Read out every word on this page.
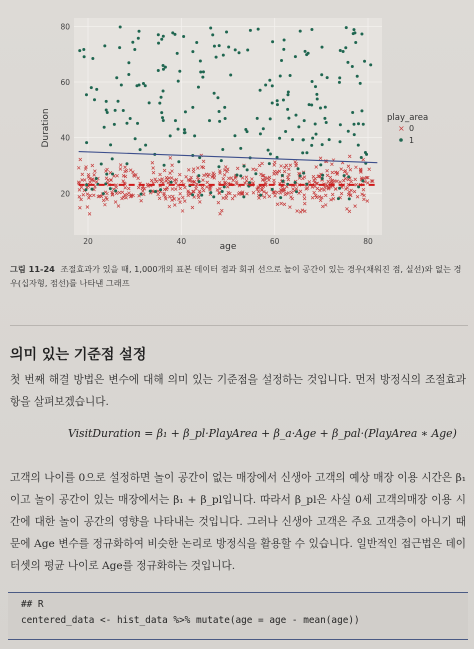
20	40	60	80
20
40
60
80
age
Duration	play_area
× 0
1
그림 11-24 조절효과가 있을 때, 1,000개의 표본 데이터 점과 회귀 선으로 놀이 공간이 있는 경우(채워진 점, 실선)와 없는 경우(십자형, 점선)를 나타낸 그래프
의미 있는 기준점 설정
첫 번째 해결 방법은 변수에 대해 의미 있는 기준점을 설정하는 것입니다. 먼저 방정식의 조절효과 항을 살펴보겠습니다.
VisitDuration = β₁ + β_pl·PlayArea + β_a·Age + β_pal·(PlayArea ∗ Age)
고객의 나이를 0으로 설정하면 놀이 공간이 없는 매장에서 신생아 고객의 예상 매장 이용 시간은 β₁이고 놀이 공간이 있는 매장에서는 β₁ + β_pl입니다. 따라서 β_pl은 사실 0세 고객의매장 이용 시간에 대한 놀이 공간의 영향을 나타내는 것입니다. 그러나 신생아 고객은 주요 고객층이 아니기 때문에 Age 변수를 정규화하여 비슷한 논리로 방정식을 활용할 수 있습니다. 일반적인 접근법은 데이터셋의 평균 나이로 Age를 정규화하는 것입니다.
## R
centered_data <- hist_data %>% mutate(age = age - mean(age))
